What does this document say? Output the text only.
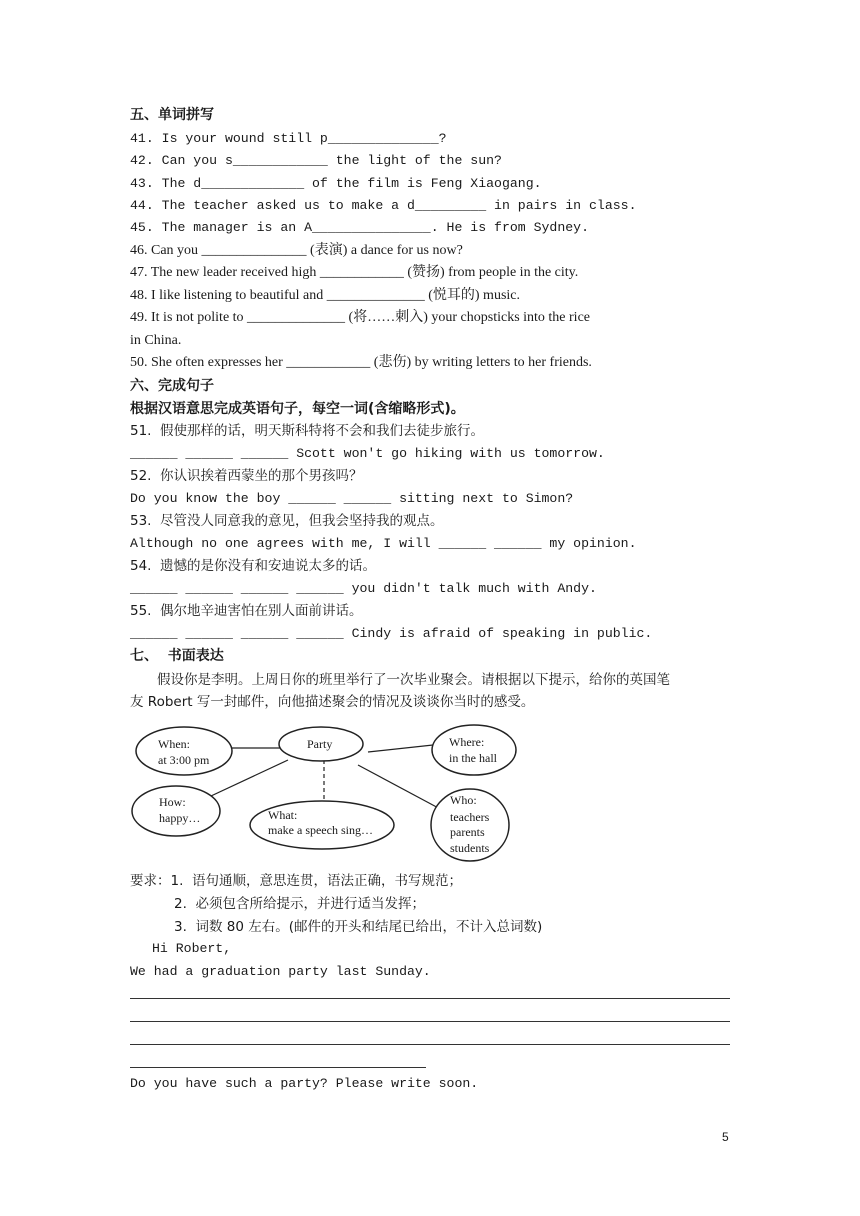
五、单词拼写
41. Is your wound still p______________?
42. Can you s____________ the light of the sun?
43. The d_____________ of the film is Feng Xiaogang.
44. The teacher asked us to make a d_________ in pairs in class.
45. The manager is an A_______________. He is from Sydney.
46. Can you _______________ (表演) a dance for us now?
47. The new leader received high ____________ (赞扬) from people in the city.
48. I like listening to beautiful and ______________ (悦耳的) music.
49. It is not polite to ______________ (将……刺入) your chopsticks into the rice
in China.
50. She often expresses her ____________ (悲伤) by writing letters to her friends.
六、完成句子
根据汉语意思完成英语句子，每空一词(含缩略形式)。
51.  假使那样的话，明天斯科特将不会和我们去徒步旅行。
______ ______ ______ Scott won't go hiking with us tomorrow.
52.  你认识挨着西蒙坐的那个男孩吗？
Do you know the boy ______ ______ sitting next to Simon?
53.  尽管没人同意我的意见，但我会坚持我的观点。
Although no one agrees with me, I will ______ ______ my opinion.
54.  遗憾的是你没有和安迪说太多的话。
______ ______ ______ ______ you didn't talk much with Andy.
55.  偶尔地辛迪害怕在别人面前讲话。
______ ______ ______ ______ Cindy is afraid of speaking in public.
七、  书面表达
假设你是李明。上周日你的班里举行了一次毕业聚会。请根据以下提示，给你的英国笔
友 Robert 写一封邮件，向他描述聚会的情况及谈谈你当时的感受。
When:
at 3:00 pm
Party	Where:
in the hall
How:
happy…	What:
make a speech sing…
Who:
teachers
parents
students
要求：1.  语句通顺，意思连贯，语法正确，书写规范；
2.  必须包含所给提示，并进行适当发挥；
3.  词数 80 左右。(邮件的开头和结尾已给出，不计入总词数)
Hi Robert,
We had a graduation party last Sunday.
Do you have such a party? Please write soon.
5
